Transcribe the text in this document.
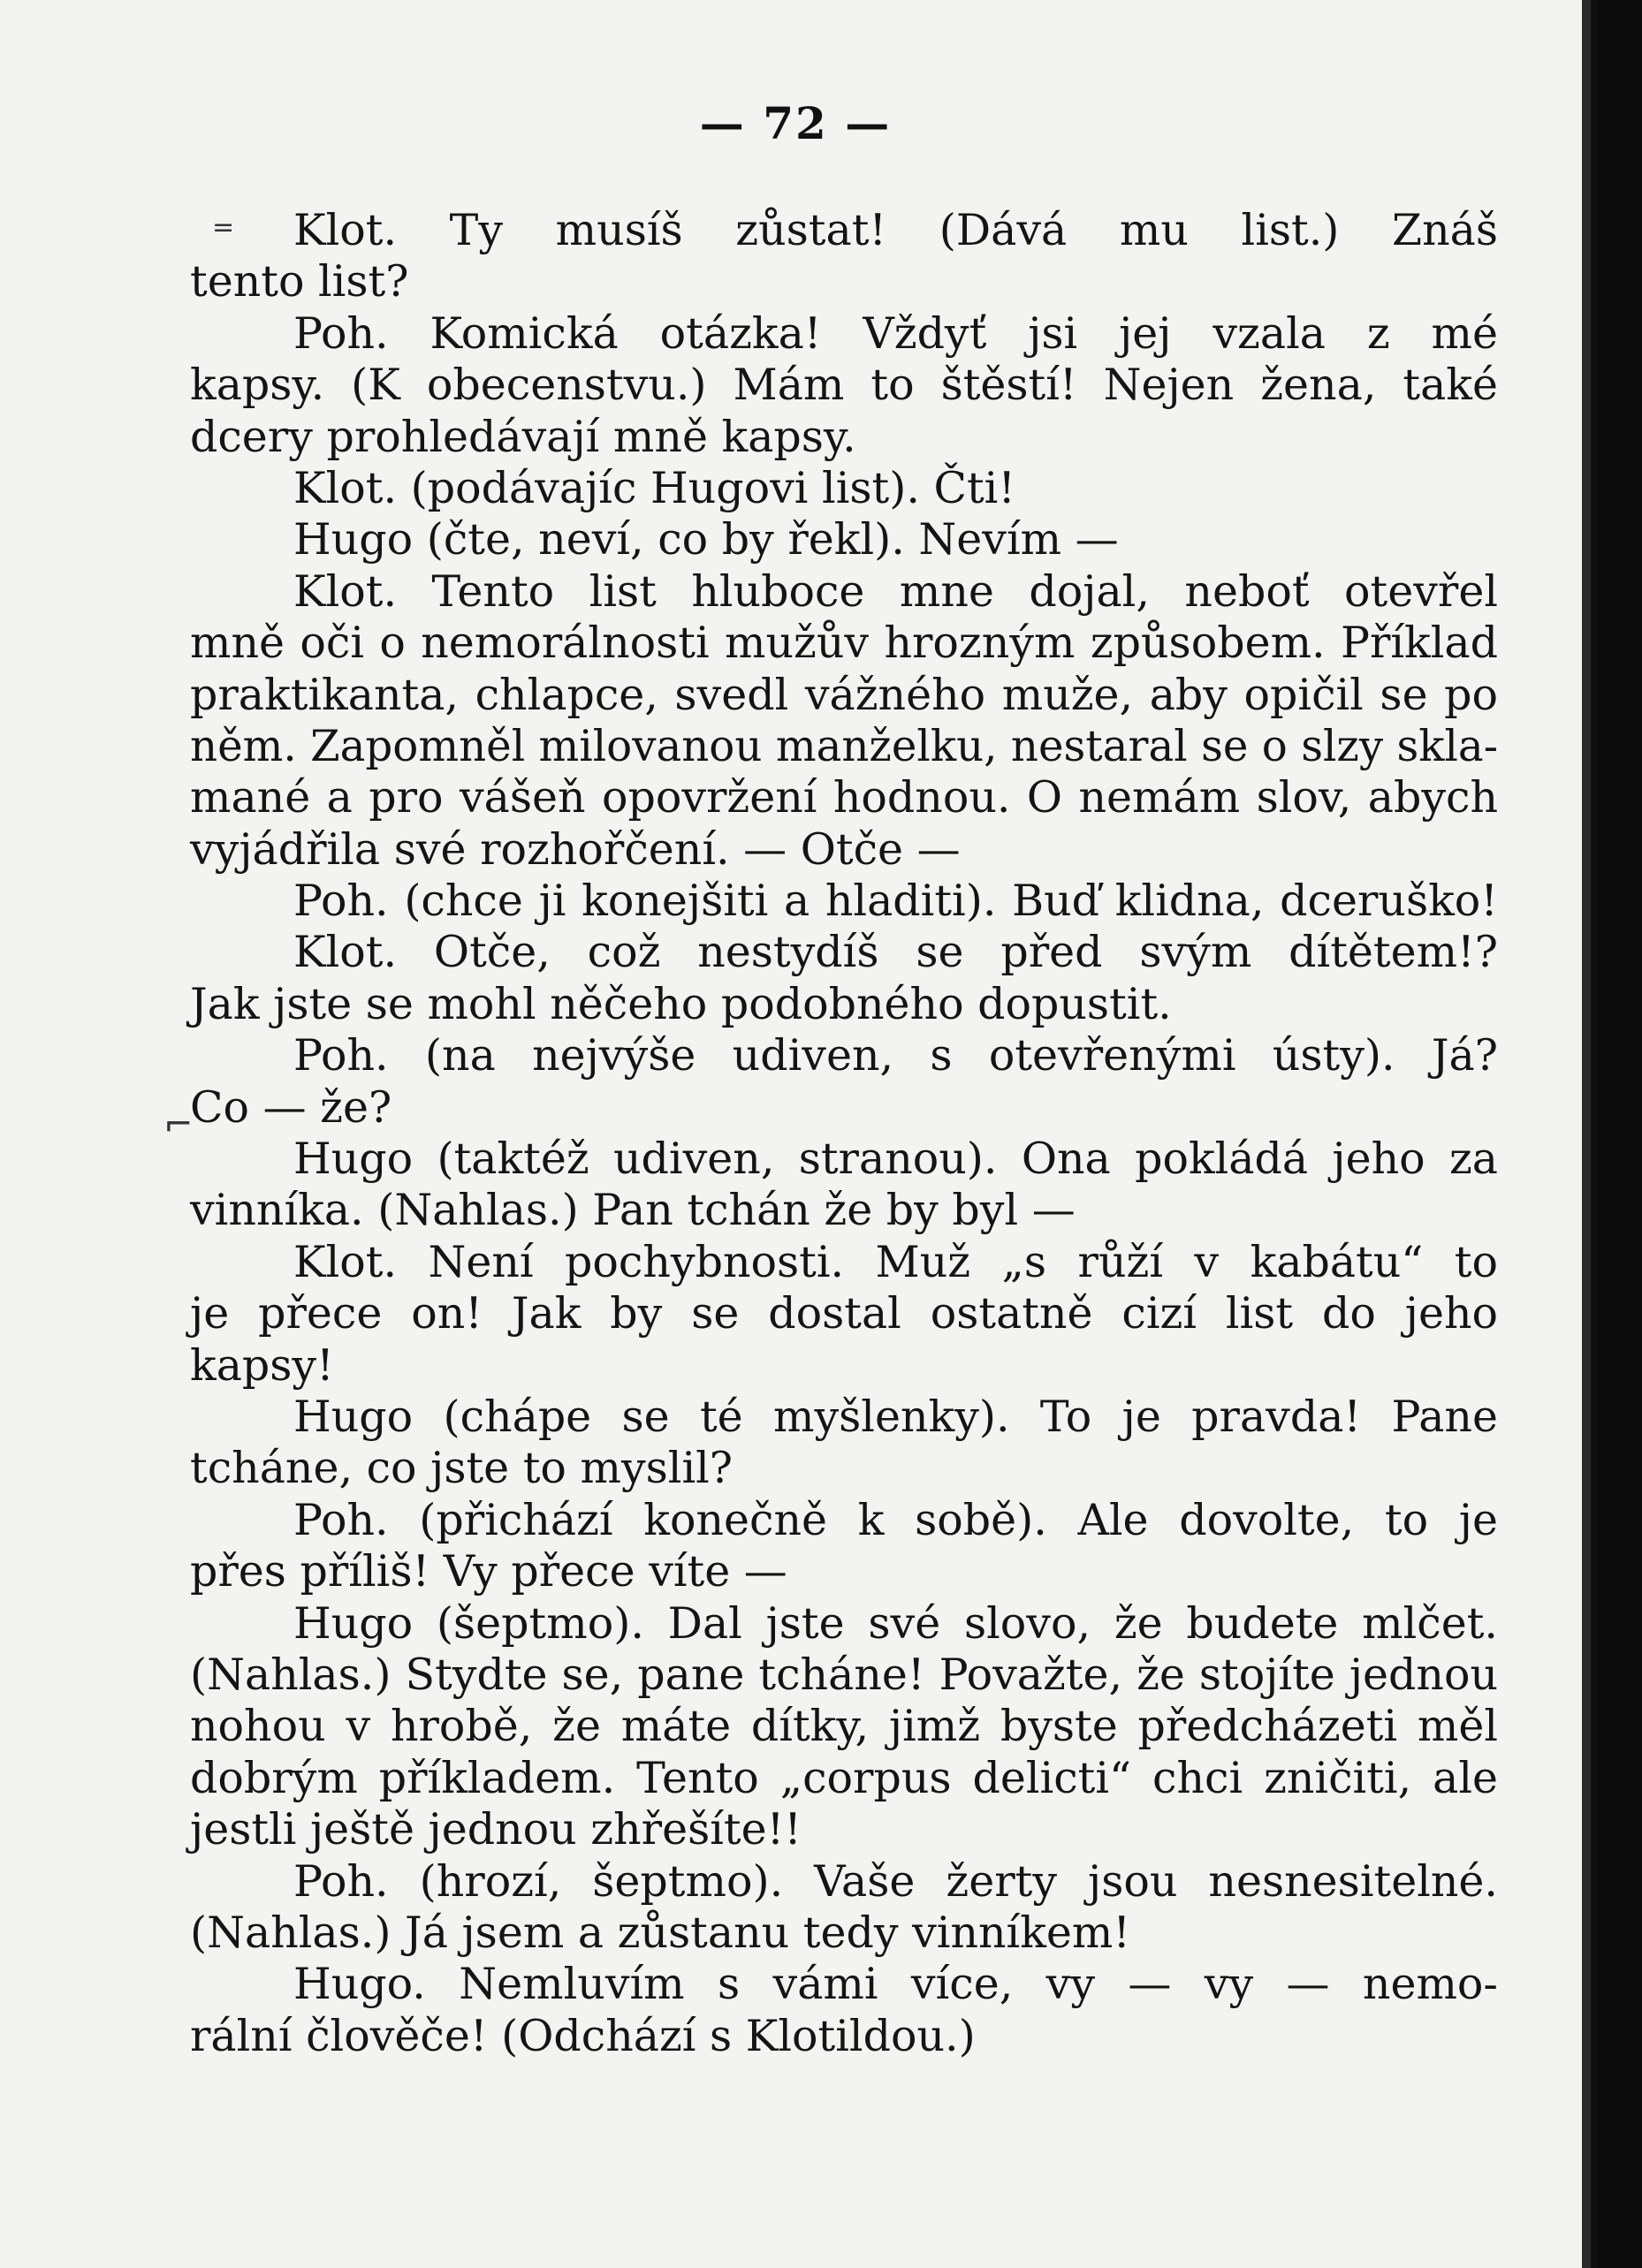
— 72 —
=
⌐
Klot. Ty musíš zůstat! (Dává mu list.) Znáš
tento list?
Poh. Komická otázka! Vždyť jsi jej vzala z mé
kapsy. (K obecenstvu.) Mám to štěstí! Nejen žena, také
dcery prohledávají mně kapsy.
Klot. (podávajíc Hugovi list). Čti!
Hugo (čte, neví, co by řekl). Nevím —
Klot. Tento list hluboce mne dojal, neboť otevřel
mně oči o nemorálnosti mužův hrozným způsobem. Příklad
praktikanta, chlapce, svedl vážného muže, aby opičil se po
něm. Zapomněl milovanou manželku, nestaral se o slzy skla-
mané a pro vášeň opovržení hodnou. O nemám slov, abych
vyjádřila své rozhořčení. — Otče —
Poh. (chce ji konejšiti a hladiti). Buď klidna, dceruško!
Klot. Otče, což nestydíš se před svým dítětem!?
Jak jste se mohl něčeho podobného dopustit.
Poh. (na nejvýše udiven, s otevřenými ústy). Já?
Co — že?
Hugo (taktéž udiven, stranou). Ona pokládá jeho za
vinníka. (Nahlas.) Pan tchán že by byl —
Klot. Není pochybnosti. Muž „s růží v kabátu“ to
je přece on! Jak by se dostal ostatně cizí list do jeho
kapsy!
Hugo (chápe se té myšlenky). To je pravda! Pane
tcháne, co jste to myslil?
Poh. (přichází konečně k sobě). Ale dovolte, to je
přes příliš! Vy přece víte —
Hugo (šeptmo). Dal jste své slovo, že budete mlčet.
(Nahlas.) Stydte se, pane tcháne! Považte, že stojíte jednou
nohou v hrobě, že máte dítky, jimž byste předcházeti měl
dobrým příkladem. Tento „corpus delicti“ chci zničiti, ale
jestli ještě jednou zhřešíte!!
Poh. (hrozí, šeptmo). Vaše žerty jsou nesnesitelné.
(Nahlas.) Já jsem a zůstanu tedy vinníkem!
Hugo. Nemluvím s vámi více, vy — vy — nemo-
rální člověče! (Odchází s Klotildou.)
